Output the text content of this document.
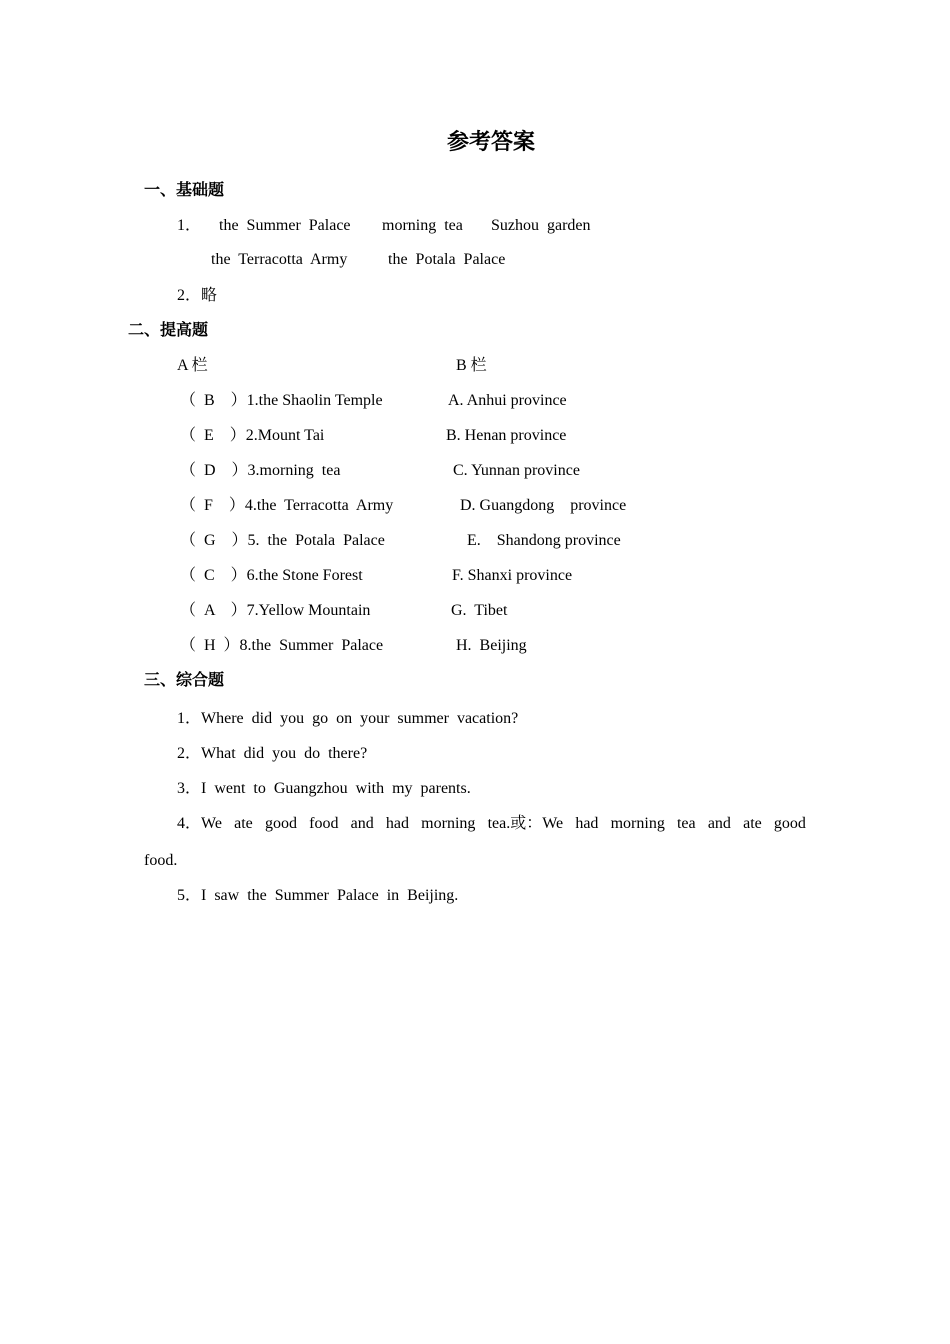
参考答案
一、基础题
1． the Summer Palace morning tea Suzhou garden
the Terracotta Army	the Potala Palace
2．略
二、提高题
A 栏	B 栏
（  B    ）1.the Shaolin Temple	A. Anhui province
（  E    ）2.Mount Tai	B. Henan province
（  D    ）3.morning  tea	C. Yunnan province
（  F    ）4.the  Terracotta  Army	D. Guangdong    province
（  G    ）5.  the  Potala  Palace	E.    Shandong province
（  C    ）6.the Stone Forest	F. Shanxi province
（  A    ）7.Yellow Mountain	G.  Tibet
（  H  ）8.the  Summer  Palace	H.  Beijing
三、综合题
1．Where  did  you  go  on  your  summer  vacation?
2．What  did  you  do  there?
3．I  went  to  Guangzhou  with  my  parents.
4．We ate good food and had morning tea.或：We had morning tea and ate good
food.
5．I  saw  the  Summer  Palace  in  Beijing.
